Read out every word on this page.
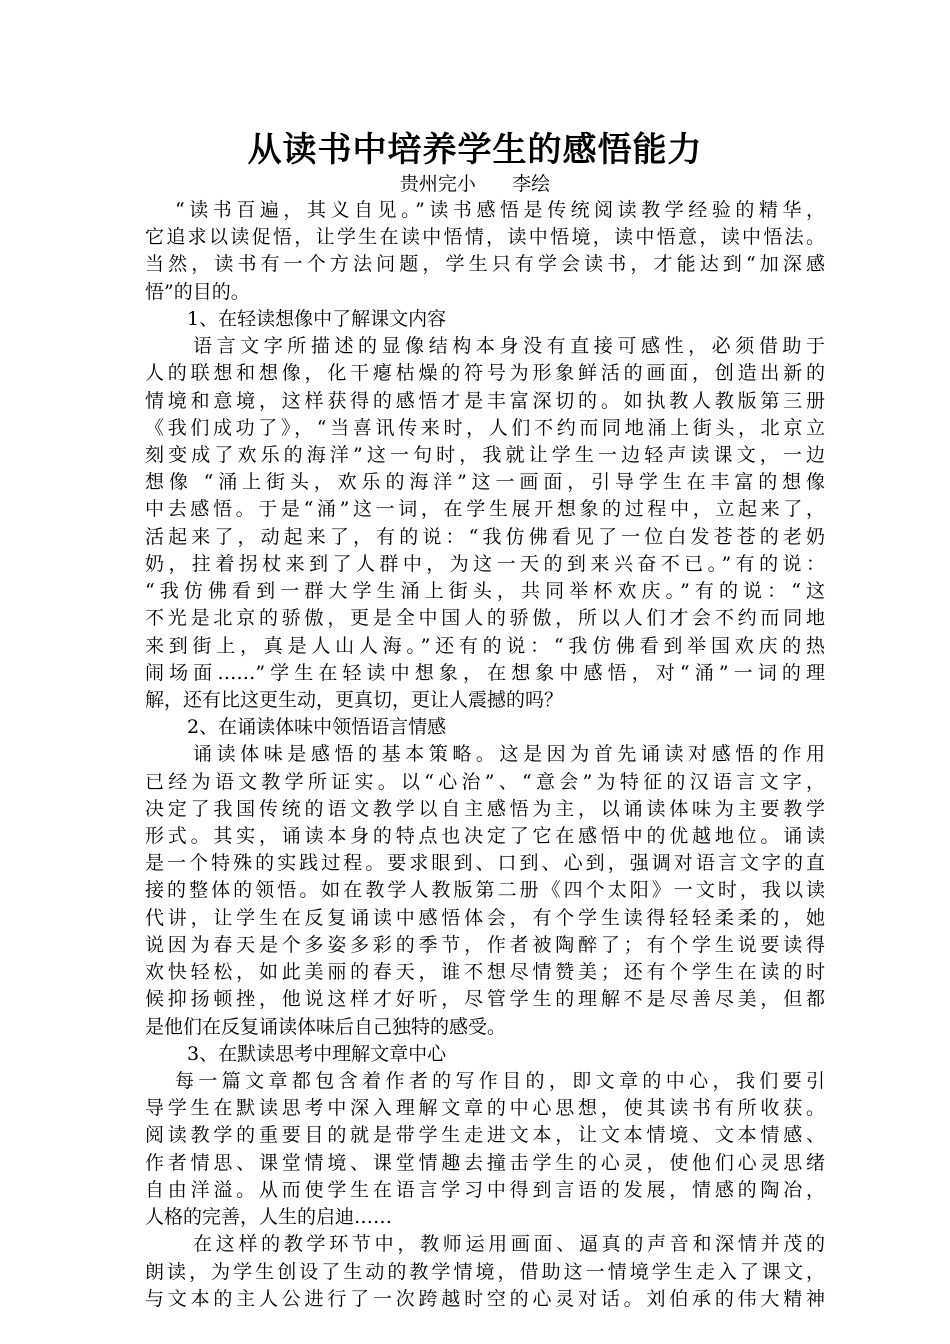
从读书中培养学生的感悟能力
贵州完小      李绘
“读书百遍，其义自见。”读书感悟是传统阅读教学经验的精华，
它追求以读促悟，让学生在读中悟情，读中悟境，读中悟意，读中悟法。
当然，读书有一个方法问题，学生只有学会读书，才能达到“加深感
悟”的目的。
1、在轻读想像中了解课文内容
语言文字所描述的显像结构本身没有直接可感性，必须借助于
人的联想和想像，化干瘪枯燥的符号为形象鲜活的画面，创造出新的
情境和意境，这样获得的感悟才是丰富深切的。如执教人教版第三册
《我们成功了》，“当喜讯传来时，人们不约而同地涌上街头，北京立
刻变成了欢乐的海洋”这一句时，我就让学生一边轻声读课文，一边
想像 “涌上街头，欢乐的海洋”这一画面，引导学生在丰富的想像
中去感悟。于是“涌”这一词，在学生展开想象的过程中，立起来了，
活起来了，动起来了，有的说：“我仿佛看见了一位白发苍苍的老奶
奶，拄着拐杖来到了人群中，为这一天的到来兴奋不已。”有的说：
“我仿佛看到一群大学生涌上街头，共同举杯欢庆。”有的说：“这
不光是北京的骄傲，更是全中国人的骄傲，所以人们才会不约而同地
来到街上，真是人山人海。”还有的说：“我仿佛看到举国欢庆的热
闹场面……”学生在轻读中想象，在想象中感悟，对“涌”一词的理
解，还有比这更生动，更真切，更让人震撼的吗？
2、在诵读体味中领悟语言情感
诵读体味是感悟的基本策略。这是因为首先诵读对感悟的作用
已经为语文教学所证实。以“心治”、“意会”为特征的汉语言文字，
决定了我国传统的语文教学以自主感悟为主，以诵读体味为主要教学
形式。其实，诵读本身的特点也决定了它在感悟中的优越地位。诵读
是一个特殊的实践过程。要求眼到、口到、心到，强调对语言文字的直
接的整体的领悟。如在教学人教版第二册《四个太阳》一文时，我以读
代讲，让学生在反复诵读中感悟体会，有个学生读得轻轻柔柔的，她
说因为春天是个多姿多彩的季节，作者被陶醉了；有个学生说要读得
欢快轻松，如此美丽的春天，谁不想尽情赞美；还有个学生在读的时
候抑扬顿挫，他说这样才好听，尽管学生的理解不是尽善尽美，但都
是他们在反复诵读体味后自己独特的感受。
3、在默读思考中理解文章中心
每一篇文章都包含着作者的写作目的，即文章的中心，我们要引
导学生在默读思考中深入理解文章的中心思想，使其读书有所收获。
阅读教学的重要目的就是带学生走进文本，让文本情境、文本情感、
作者情思、课堂情境、课堂情趣去撞击学生的心灵，使他们心灵思绪
自由洋溢。从而使学生在语言学习中得到言语的发展，情感的陶冶，
人格的完善，人生的启迪……
在这样的教学环节中，教师运用画面、逼真的声音和深情并茂的
朗读，为学生创设了生动的教学情境，借助这一情境学生走入了课文，
与文本的主人公进行了一次跨越时空的心灵对话。刘伯承的伟大精神
